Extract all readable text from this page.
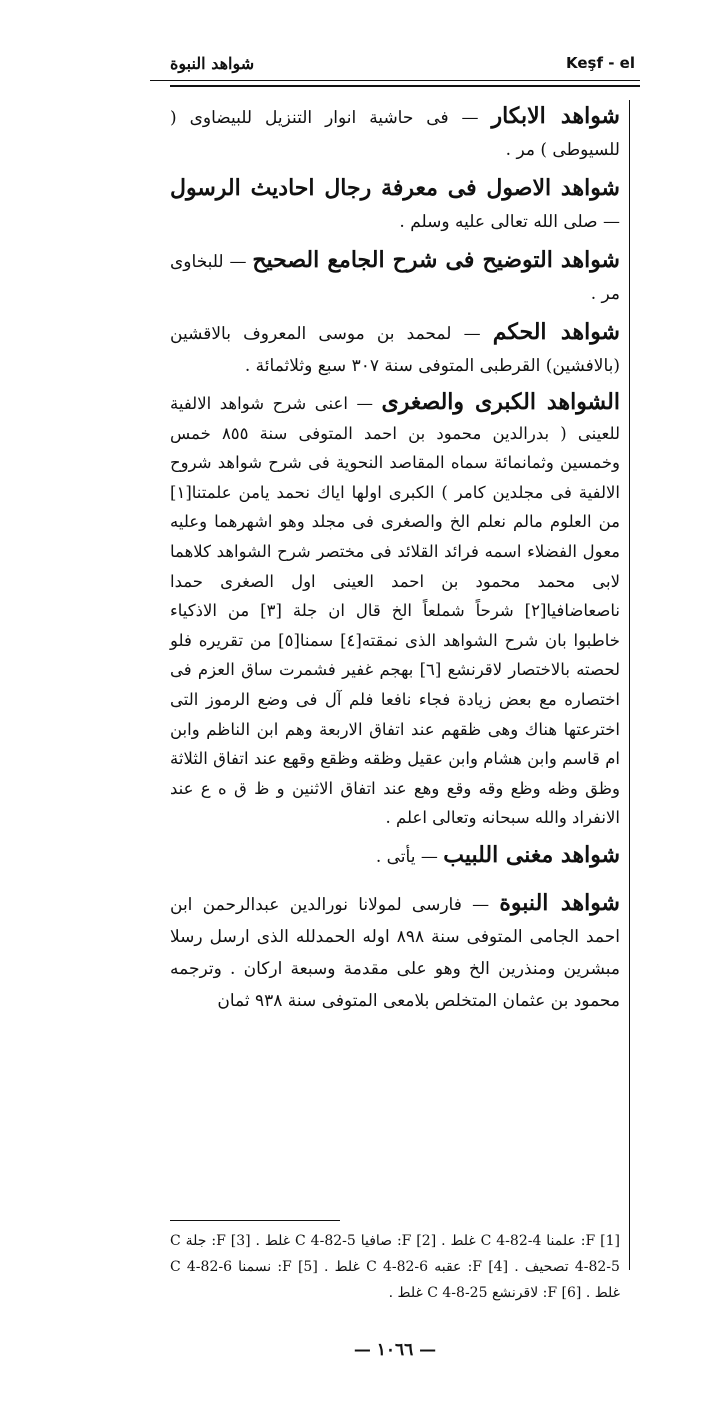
شواهد النبوة	Keşf - el

شواهد الابكار — فى حاشية انوار التنزيل للبيضاوى ( للسيوطى ) مر .

شواهد الاصول فى معرفة رجال احاديث الرسول — صلى الله تعالى عليه وسلم .

شواهد التوضيح فى شرح الجامع الصحيح — للبخاوى مر .

شواهد الحكم — لمحمد بن موسى المعروف بالاقشين (بالافشين) القرطبى المتوفى سنة ٣٠٧ سبع وثلاثمائة .

الشواهد الكبرى والصغرى — اعنى شرح شواهد الالفية للعينى ( بدرالدين محمود بن احمد المتوفى سنة ٨٥٥ خمس وخمسين وثمانمائة سماه المقاصد النحوية فى شرح شواهد شروح الالفية فى مجلدين كامر ) الكبرى اولها اياك نحمد يامن علمتنا[١] من العلوم مالم نعلم الخ والصغرى فى مجلد وهو اشهرهما وعليه معول الفضلاء اسمه فرائد القلائد فى مختصر شرح الشواهد كلاهما لابى محمد محمود بن احمد العينى اول الصغرى حمدا ناصعاضافيا[٢] شرحاً شملعاً الخ قال ان جلة [٣] من الاذكياء خاطبوا بان شرح الشواهد الذى نمقته[٤] سمنا[٥] من تقريره فلو لحصته بالاختصار لاقرنشع [٦] بهجم غفير فشمرت ساق العزم فى اختصاره مع بعض زيادة فجاء نافعا فلم آل فى وضع الرموز التى اخترعتها هناك وهى ظقهم عند اتفاق الاربعة وهم ابن الناظم وابن ام قاسم وابن هشام وابن عقيل وظقه وظقع وقهع عند اتفاق الثلاثة وظق وظه وظع وقه وقع وهع عند اتفاق الاثنين و ظ ق ه ع عند الانفراد والله سبحانه وتعالى اعلم .

شواهد مغنى اللبيب — يأتى .

شواهد النبوة — فارسى لمولانا نورالدين عبدالرحمن ابن احمد الجامى المتوفى سنة ٨٩٨ اوله الحمدلله الذى ارسل رسلا مبشرين ومنذرين الخ وهو على مقدمة وسبعة اركان . وترجمه محمود بن عثمان المتخلص بلامعى المتوفى سنة ٩٣٨ ثمان

[1] F: علمنا C 4-82-4 غلط . [2] F: صافيا C 4-82-5 غلط . [3] F: جلة C 4-82-5 تصحيف . [4] F: عقبه C 4-82-6 غلط . [5] F: نسمنا C 4-82-6 غلط . [6] F: لاقرنشع C 4-8-25 غلط .
— ١٠٦٦ —
